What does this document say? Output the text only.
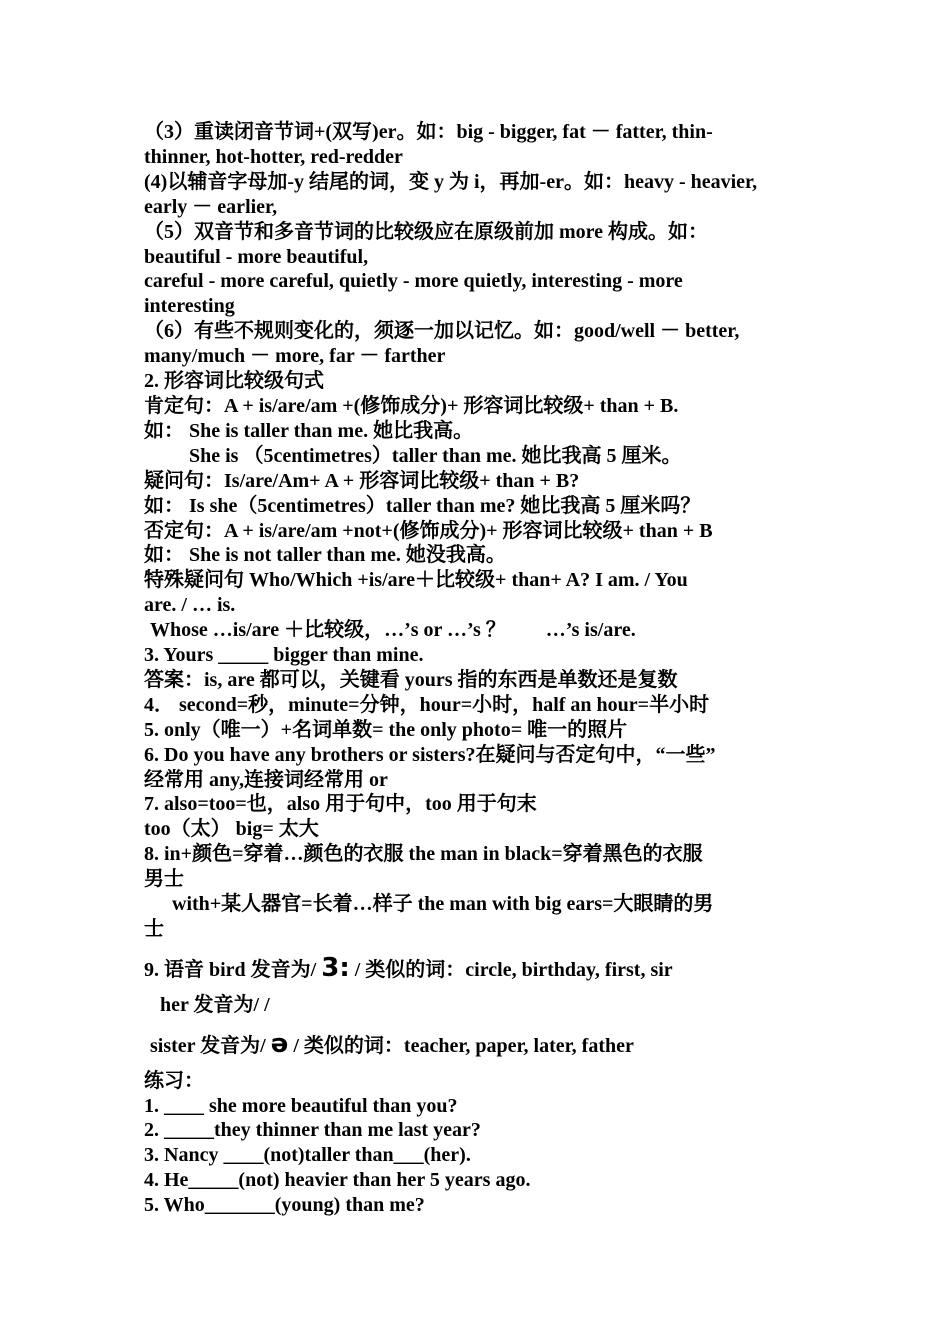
（3）重读闭音节词+(双写)er。如：big - bigger, fat － fatter, thin-
thinner, hot-hotter, red-redder
(4)以辅音字母加-y 结尾的词，变 y 为 i，再加-er。如：heavy - heavier,
early － earlier,
（5）双音节和多音节词的比较级应在原级前加 more 构成。如：
beautiful - more beautiful,
careful - more careful, quietly - more quietly, interesting - more
interesting
（6）有些不规则变化的，须逐一加以记忆。如：good/well － better,
many/much － more, far － farther
2. 形容词比较级句式
肯定句：A + is/are/am +(修饰成分)+ 形容词比较级+ than + B.
如： She is taller than me. 她比我高。
She is （5centimetres）taller than me. 她比我高 5 厘米。
疑问句：Is/are/Am+ A + 形容词比较级+ than + B?
如： Is she（5centimetres）taller than me? 她比我高 5 厘米吗？
否定句：A + is/are/am +not+(修饰成分)+ 形容词比较级+ than + B
如： She is not taller than me. 她没我高。
特殊疑问句 Who/Which +is/are＋比较级+ than+ A? I am. / You
are. / … is.
Whose …is/are ＋比较级，…’s or …’s ？　　…’s is/are.
3. Yours _____ bigger than mine.
答案：is, are 都可以，关键看 yours 指的东西是单数还是复数
4． second=秒，minute=分钟，hour=小时，half an hour=半小时
5. only（唯一）+名词单数= the only photo= 唯一的照片
6. Do you have any brothers or sisters?在疑问与否定句中，“一些”
经常用 any,连接词经常用 or
7. also=too=也，also 用于句中，too 用于句末
too（太） big= 太大
8. in+颜色=穿着…颜色的衣服 the man in black=穿着黑色的衣服
男士
with+某人器官=长着…样子 the man with big ears=大眼睛的男
士
9. 语音 bird 发音为/ 3: / 类似的词：circle, birthday, first, sir
her 发音为/ /
sister 发音为/ ə / 类似的词：teacher, paper, later, father
练习：
1. ____ she more beautiful than you?
2. _____they thinner than me last year?
3. Nancy ____(not)taller than___(her).
4. He_____(not) heavier than her 5 years ago.
5. Who_______(young) than me?
